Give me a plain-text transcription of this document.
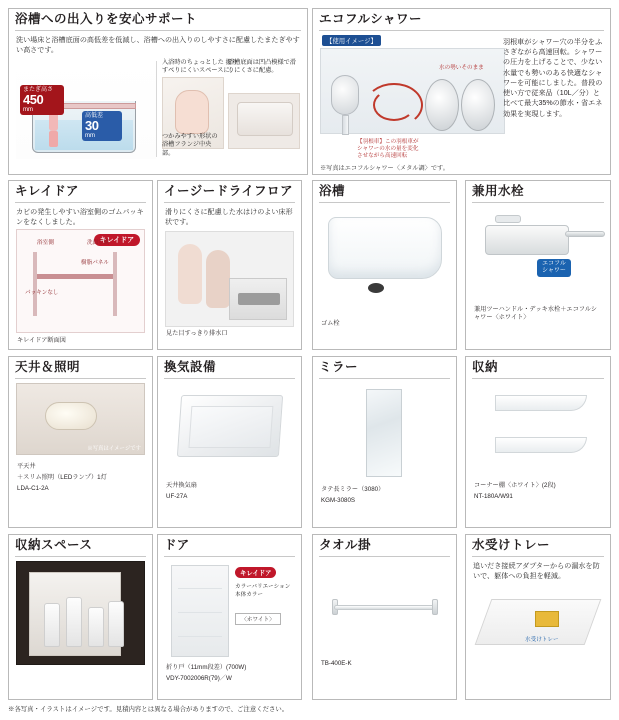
浴槽への出入りを安心サポート
洗い場床と浴槽底面の高低差を低減し、浴槽への出入りのしやすさに配慮したまたぎやすい高さです。
またぎ高さ
450
mm
高低差
30
mm
入浴時のちょっとした 握り すべりにくいスペースに。
つかみやすい形状の浴槽フランジ中央部。
浴槽底面は凹凸模様で滑りにくさに配慮。
エコフルシャワー
【使用イメージ】
【羽根車】この羽根車がシャワーの水の量を変化させながら高速回転
水の勢いそのまま

羽根車がシャワー穴の半分をふさぎながら高速回転。シャワーの圧力を上げることで、少ない水量でも勢いのある快適なシャワーを可能にしました。普段の使い方で従来品（10L／分）と比べて最大35%の節水・省エネ効果を実現します。

※写真はエコフルシャワー〈メタル調〉です。
キレイドア
カビの発生しやすい浴室側のゴムパッキンをなくしました。
キレイドア
浴室側	洗面室側
樹脂パネル
パッキンなし
キレイドア断面図
イージードライフロア
滑りにくさに配慮した水はけのよい床形状です。
見た目すっきり排水口
浴槽
ゴム栓
兼用水栓
エコフル
シャワー
兼用ツーハンドル・デッキ水栓＋エコフルシャワー〈ホワイト〉
天井＆照明
※写真はイメージです
平天井
＋スリム照明（LEDランプ）1灯
LDA-C1-2A
換気設備
天井換気扇
UF-27A
ミラー
タテ長ミラー（3080）
KGM-3080S
収納
コーナー棚〈ホワイト〉(2段)
NT-180A/W91
収納スペース	ドア
キレイドア
カラーバリエーション
本体カラー
〈ホワイト〉
折り戸（11mm段差）(700W)
VDY-7002006R(79)／W
タオル掛
TB-400E-K
水受けトレー
追いだき接続アダプターからの漏水を防いで、躯体への負担を軽減。
水受けトレー
※各写真・イラストはイメージです。見積内容とは異なる場合がありますので、ご注意ください。
